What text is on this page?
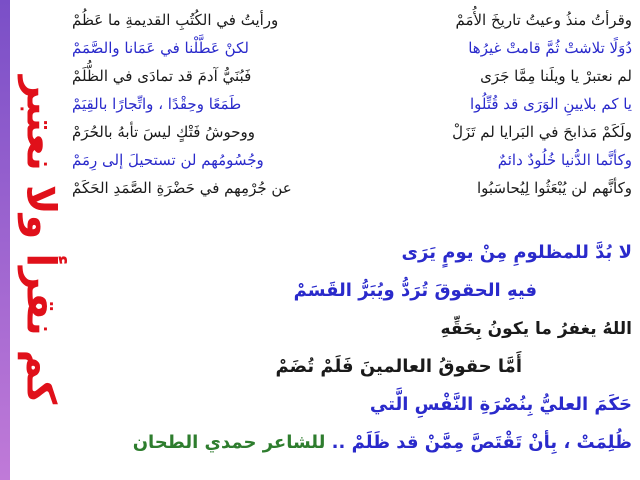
كم نقرأ ولا نعتبر
وقرأتُ منذُ وعيتُ تاريخَ الأُمَمْ
ورأيتُ في الكُتُبِ القديمةِ ما عَظُمْ
دُوَلًا تلاشتْ ثُمَّ قامتْ غيرُها
لكنْ عَطَّلْنا في عَمَانا والصَّمَمْ
لم نعتبرْ يا ويلَنا مِمَّا جَرَى
فَبُنَيُّ آدمَ قد تمادَى في الظُّلَمْ
يا كم بلايينِ الوَرَى قد قُتِّلُوا
طَمَعًا وحِقْدًا ، واتِّجارًا بالقِيَمْ
ولَكَمْ مَذابحَ في البَرايا لم تَزَلْ
ووحوشُ فَتْكٍ ليسَ تأبهُ بالحُرَمْ
وكأنَّما الدُّنيا خُلُودٌ دائمٌ
وجُسُومُهم لن تستحيلَ إلى رِمَمْ
وكأنَّهم لن يُبْعَثُوا لِيُحاسَبُوا
عن جُرْمِهم في حَضْرَةِ الصَّمَدِ الحَكَمْ
لا بُدَّ للمظلومِ مِنْ يومٍ يَرَى
فيهِ الحقوقَ تُرَدُّ ويُبَرُّ القَسَمْ
اللهُ يغفرُ ما يكونُ بِحَقِّهِ
أَمَّا حقوقُ العالمينَ فَلَمْ تُضَمْ
حَكَمَ العليُّ بِنُصْرَةِ النَّفْسِ الَّتي
ظُلِمَتْ ، بِأنْ تَقْتَصَّ مِمَّنْ قد ظَلَمْ .. للشاعر حمدي الطحان
